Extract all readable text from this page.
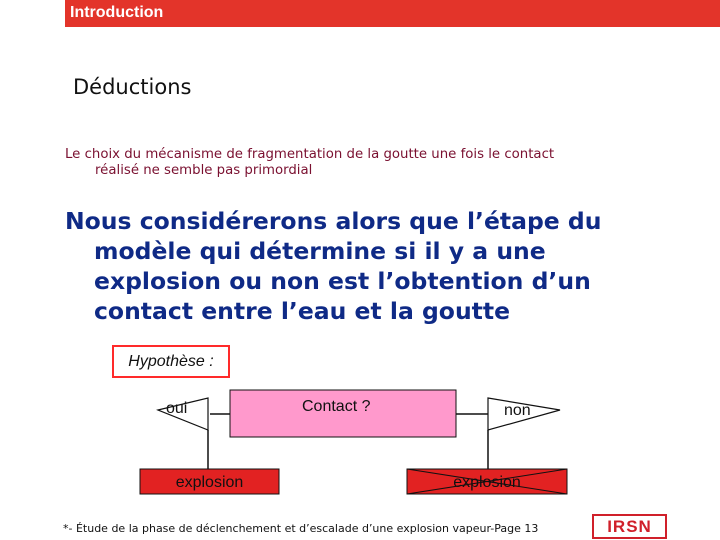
Introduction
Déductions
Le choix du mécanisme de fragmentation de la goutte une fois le contact
réalisé ne semble pas primordial
Nous considérerons alors que l’étape du
modèle qui détermine si il y a une
explosion ou non est l’obtention d’un
contact entre l’eau et la goutte
Hypothèse :
oui	Contact ?	non
explosion	explosion
*- Étude de la phase de déclenchement et d’escalade d’une explosion vapeur-Page 13	IRSN
